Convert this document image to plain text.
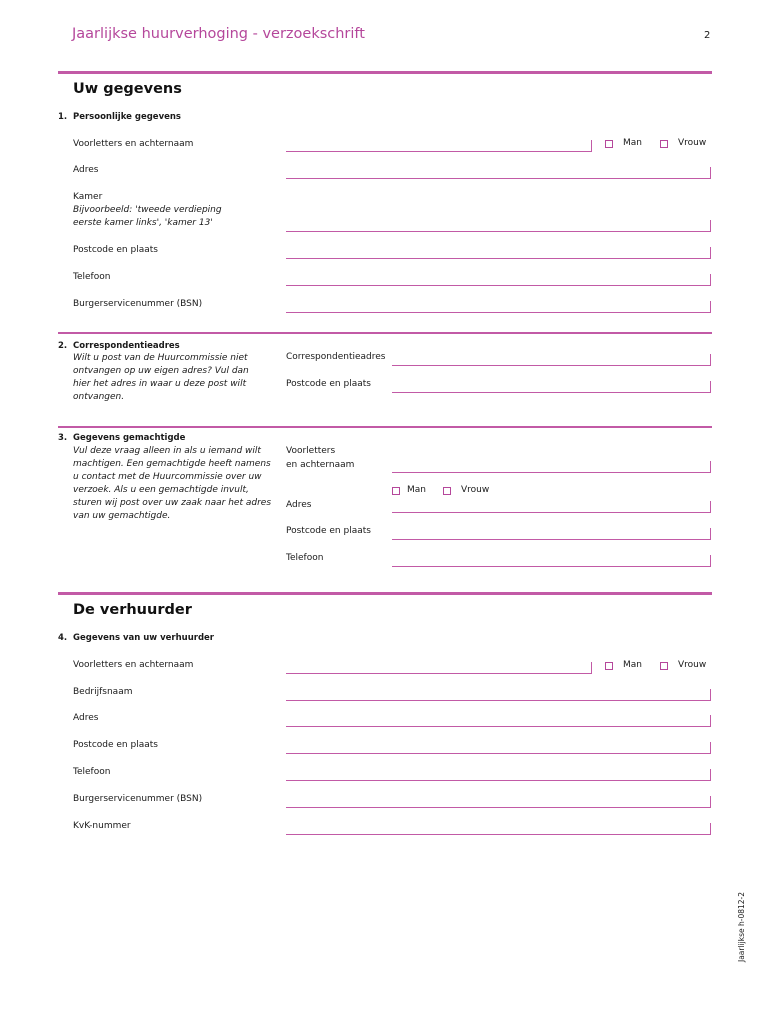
Jaarlijkse huurverhoging - verzoekschrift	2
Uw gegevens
1. Persoonlijke gegevens
Voorletters en achternaam	Man	Vrouw
Adres
Kamer
Bijvoorbeeld: 'tweede verdieping
eerste kamer links', 'kamer 13'
Postcode en plaats
Telefoon
Burgerservicenummer (BSN)
2. Correspondentieadres
Wilt u post van de Huurcommissie niet
ontvangen op uw eigen adres? Vul dan
hier het adres in waar u deze post wilt
ontvangen.
Correspondentieadres
Postcode en plaats
3. Gegevens gemachtigde
Vul deze vraag alleen in als u iemand wilt
machtigen. Een gemachtigde heeft namens
u contact met de Huurcommissie over uw
verzoek. Als u een gemachtigde invult,
sturen wij post over uw zaak naar het adres
van uw gemachtigde.
Voorletters
en achternaam
Man	Vrouw
Adres
Postcode en plaats
Telefoon
De verhuurder
4. Gegevens van uw verhuurder
Voorletters en achternaam	Man	Vrouw
Bedrijfsnaam
Adres
Postcode en plaats
Telefoon
Burgerservicenummer (BSN)
KvK-nummer
Jaarlijkse h-0812-2
